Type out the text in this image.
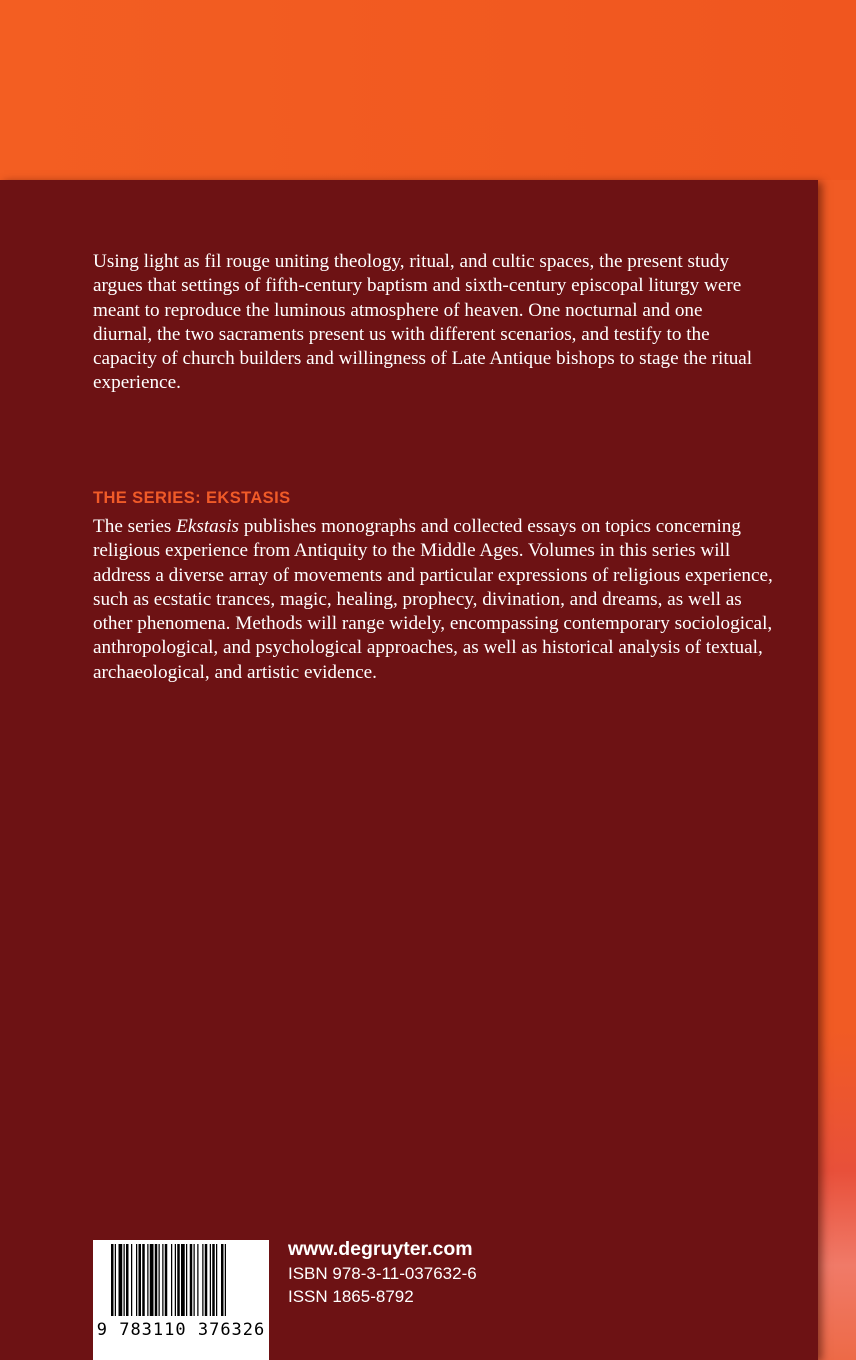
Using light as fil rouge uniting theology, ritual, and cultic spaces, the present study argues that settings of fifth-century baptism and sixth-century episcopal liturgy were meant to reproduce the luminous atmosphere of heaven. One nocturnal and one diurnal, the two sacraments present us with different scenarios, and testify to the capacity of church builders and willingness of Late Antique bishops to stage the ritual experience.

THE SERIES: EKSTASIS

The series Ekstasis publishes monographs and collected essays on topics concerning religious experience from Antiquity to the Middle Ages. Volumes in this series will address a diverse array of movements and particular expressions of religious experience, such as ecstatic trances, magic, healing, prophecy, divination, and dreams, as well as other phenomena. Methods will range widely, encompassing contemporary sociological, anthropological, and psychological approaches, as well as historical analysis of textual, archaeological, and artistic evidence.

9 783110 376326
www.degruyter.com
ISBN 978-3-11-037632-6
ISSN 1865-8792
